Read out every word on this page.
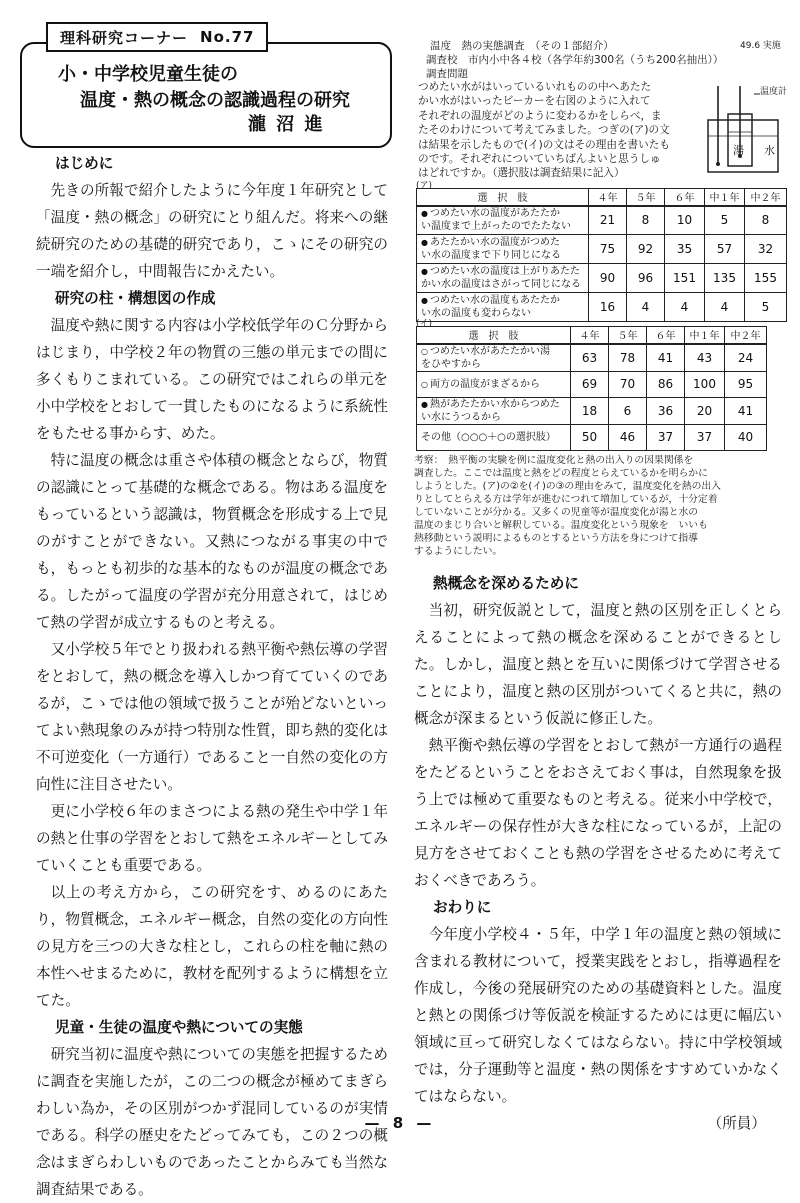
理科研究コーナー No.77
小・中学校児童生徒の
温度・熱の概念の認識過程の研究
瀧 沼 進
はじめに
先きの所報で紹介したように今年度１年研究として「温度・熱の概念」の研究にとり組んだ。将来への継続研究のための基礎的研究であり，こゝにその研究の一端を紹介し，中間報告にかえたい。
研究の柱・構想図の作成
温度や熱に関する内容は小学校低学年のＣ分野からはじまり，中学校２年の物質の三態の単元までの間に多くもりこまれている。この研究ではこれらの単元を小中学校をとおして一貫したものになるように系統性をもたせる事からす、めた。
特に温度の概念は重さや体積の概念とならび，物質の認識にとって基礎的な概念である。物はある温度をもっているという認識は，物質概念を形成する上で見のがすことができない。又熱につながる事実の中でも，もっとも初歩的な基本的なものが温度の概念である。したがって温度の学習が充分用意されて，はじめて熱の学習が成立するものと考える。
又小学校５年でとり扱われる熱平衡や熱伝導の学習をとおして，熱の概念を導入しかつ育てていくのであるが，こゝでは他の領域で扱うことが殆どないといってよい熱現象のみが持つ特別な性質，即ち熱的変化は不可逆変化（一方通行）であること一自然の変化の方向性に注目させたい。
更に小学校６年のまさつによる熱の発生や中学１年の熱と仕事の学習をとおして熱をエネルギーとしてみていくことも重要である。
以上の考え方から，この研究をす、めるのにあたり，物質概念，エネルギー概念，自然の変化の方向性の見方を三つの大きな柱とし，これらの柱を軸に熱の本性へせまるために，教材を配列するように構想を立てた。
児童・生徒の温度や熱についての実態
研究当初に温度や熱についての実態を把握するために調査を実施したが，この二つの概念が極めてまぎらわしい為か，その区別がつかず混同しているのが実情である。科学の歴史をたどってみても，この２つの概念はまぎらわしいものであったことからみても当然な調査結果である。
温度　熱の実態調査　（その１部紹介）	49.6 実施
調査校　市内小中各４校（各学年約300名（うち200名抽出））
調査問題
つめたい水がはいっているいれものの中へあたた
かい水がはいったビーカーを右図のように入れて
それぞれの温度がどのように変わるかをしらべ，ま
たそのわけについて考えてみました。つぎの(ア)の文
は結果を示したもので(イ)の文はその理由を書いたも
のです。それぞれについていちばんよいと思うしゅ
はどれですか。（選択肢は調査結果に記入）
温度計
湯 水
(ア)
選　択　肢	４年	５年	６年	中１年	中２年
● つめたい水の温度があたたか
い温度まで上がったのでたたない	21	8	10	5	8
● あたたかい水の温度がつめた
い水の温度まで下り同じになる	75	92	35	57	32
● つめたい水の温度は上がりあたた
かい水の温度はさがって同じになる	90	96	151	135	155
● つめたい水の温度もあたたか
い水の温度も変わらない	16	4	4	4	5
(イ)
選　択　肢	４年	５年	６年	中１年	中２年
○ つめたい水があたたかい湯
をひやすから	63	78	41	43	24
○ 両方の温度がまざるから	69	70	86	100	95
● 熱があたたかい水からつめた
い水にうつるから	18	6	36	20	41
その他（○○○＋○の選択肢）	50	46	37	37	40
考察：　熱平衡の実験を例に温度変化と熱の出入りの因果関係を
調査した。ここでは温度と熱をどの程度とらえているかを明らかに
しようとした。(ア)の②を(イ)の③の理由をみて，温度変化を熱の出入
りとしてとらえる方は学年が進むにつれて増加しているが，十分定着
していないことが分かる。又多くの児童等が温度変化が湯と水の
温度のまじり合いと解釈している。温度変化という現象を　いいも
熱移動という説明によるものとするという方法を身につけて指導
するようにしたい。
熱概念を深めるために
当初，研究仮説として，温度と熱の区別を正しくとらえることによって熱の概念を深めることができるとした。しかし，温度と熱とを互いに関係づけて学習させることにより，温度と熱の区別がついてくると共に，熱の概念が深まるという仮説に修正した。
熱平衡や熱伝導の学習をとおして熱が一方通行の過程をたどるということをおさえておく事は，自然現象を扱う上では極めて重要なものと考える。従来小中学校で，エネルギーの保存性が大きな柱になっているが，上記の見方をさせておくことも熱の学習をさせるために考えておくべきであろう。
おわりに
今年度小学校４・５年，中学１年の温度と熱の領域に含まれる教材について，授業実践をとおし，指導過程を作成し，今後の発展研究のための基礎資料とした。温度と熱との関係づけ等仮説を検証するためには更に幅広い領域に亘って研究しなくてはならない。持に中学校領域では，分子運動等と温度・熱の関係をすすめていかなくてはならない。
（所員）
— 8 —
